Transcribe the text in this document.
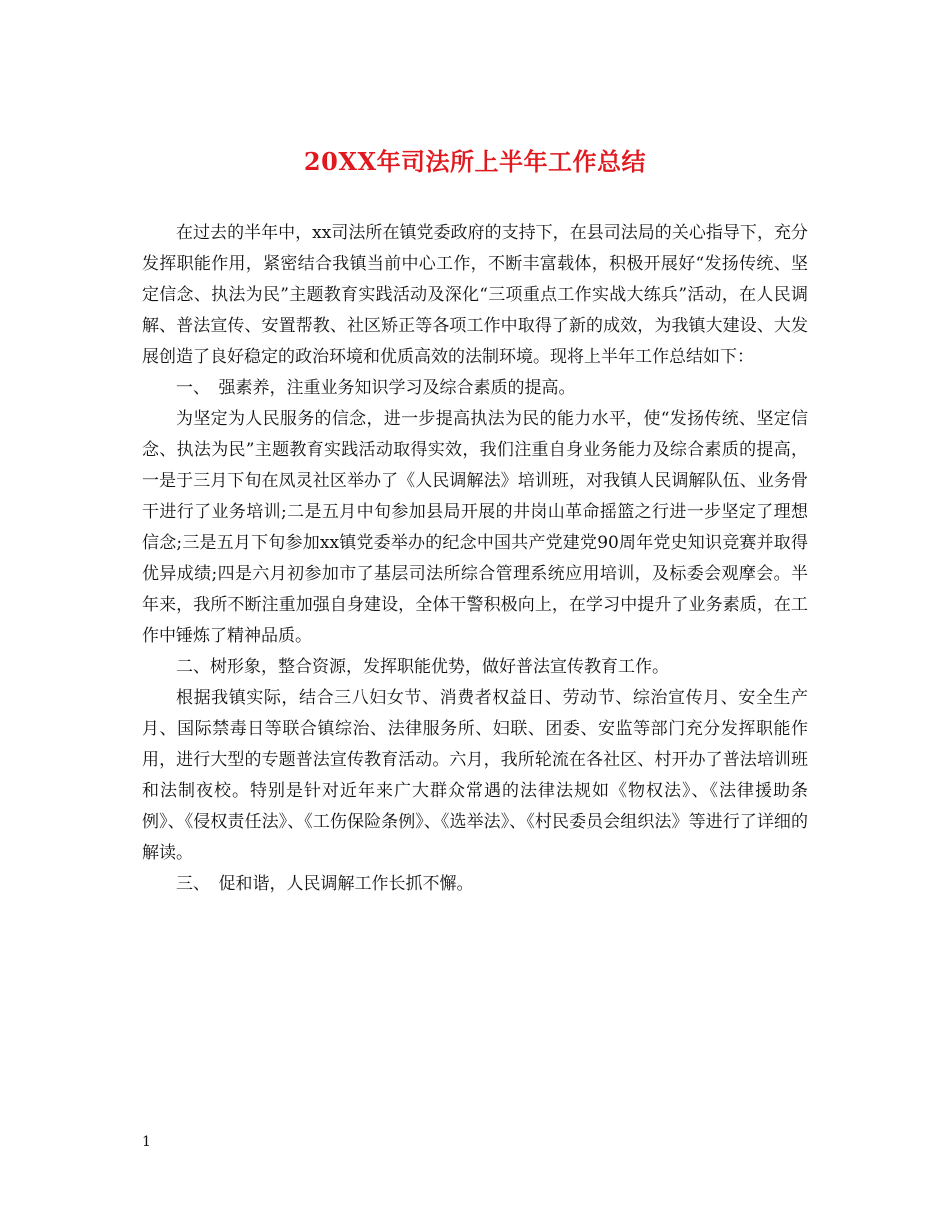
20XX年司法所上半年工作总结

在过去的半年中，xx司法所在镇党委政府的支持下，在县司法局的关心指导下，充分发挥职能作用，紧密结合我镇当前中心工作，不断丰富载体，积极开展好“发扬传统、坚定信念、执法为民”主题教育实践活动及深化“三项重点工作实战大练兵”活动，在人民调解、普法宣传、安置帮教、社区矫正等各项工作中取得了新的成效，为我镇大建设、大发展创造了良好稳定的政治环境和优质高效的法制环境。现将上半年工作总结如下：

一、　强素养，注重业务知识学习及综合素质的提高。

为坚定为人民服务的信念，进一步提高执法为民的能力水平，使“发扬传统、坚定信念、执法为民”主题教育实践活动取得实效，我们注重自身业务能力及综合素质的提高，一是于三月下旬在凤灵社区举办了《人民调解法》培训班，对我镇人民调解队伍、业务骨干进行了业务培训;二是五月中旬参加县局开展的井岗山革命摇篮之行进一步坚定了理想信念;三是五月下旬参加xx镇党委举办的纪念中国共产党建党90周年党史知识竞赛并取得优异成绩;四是六月初参加市了基层司法所综合管理系统应用培训，及标委会观摩会。半年来，我所不断注重加强自身建设，全体干警积极向上，在学习中提升了业务素质，在工作中锤炼了精神品质。

二、树形象，整合资源，发挥职能优势，做好普法宣传教育工作。

根据我镇实际，结合三八妇女节、消费者权益日、劳动节、综治宣传月、安全生产月、国际禁毒日等联合镇综治、法律服务所、妇联、团委、安监等部门充分发挥职能作用，进行大型的专题普法宣传教育活动。六月，我所轮流在各社区、村开办了普法培训班和法制夜校。特别是针对近年来广大群众常遇的法律法规如《物权法》、《法律援助条例》、《侵权责任法》、《工伤保险条例》、《选举法》、《村民委员会组织法》等进行了详细的解读。

三、　促和谐，人民调解工作长抓不懈。

1
